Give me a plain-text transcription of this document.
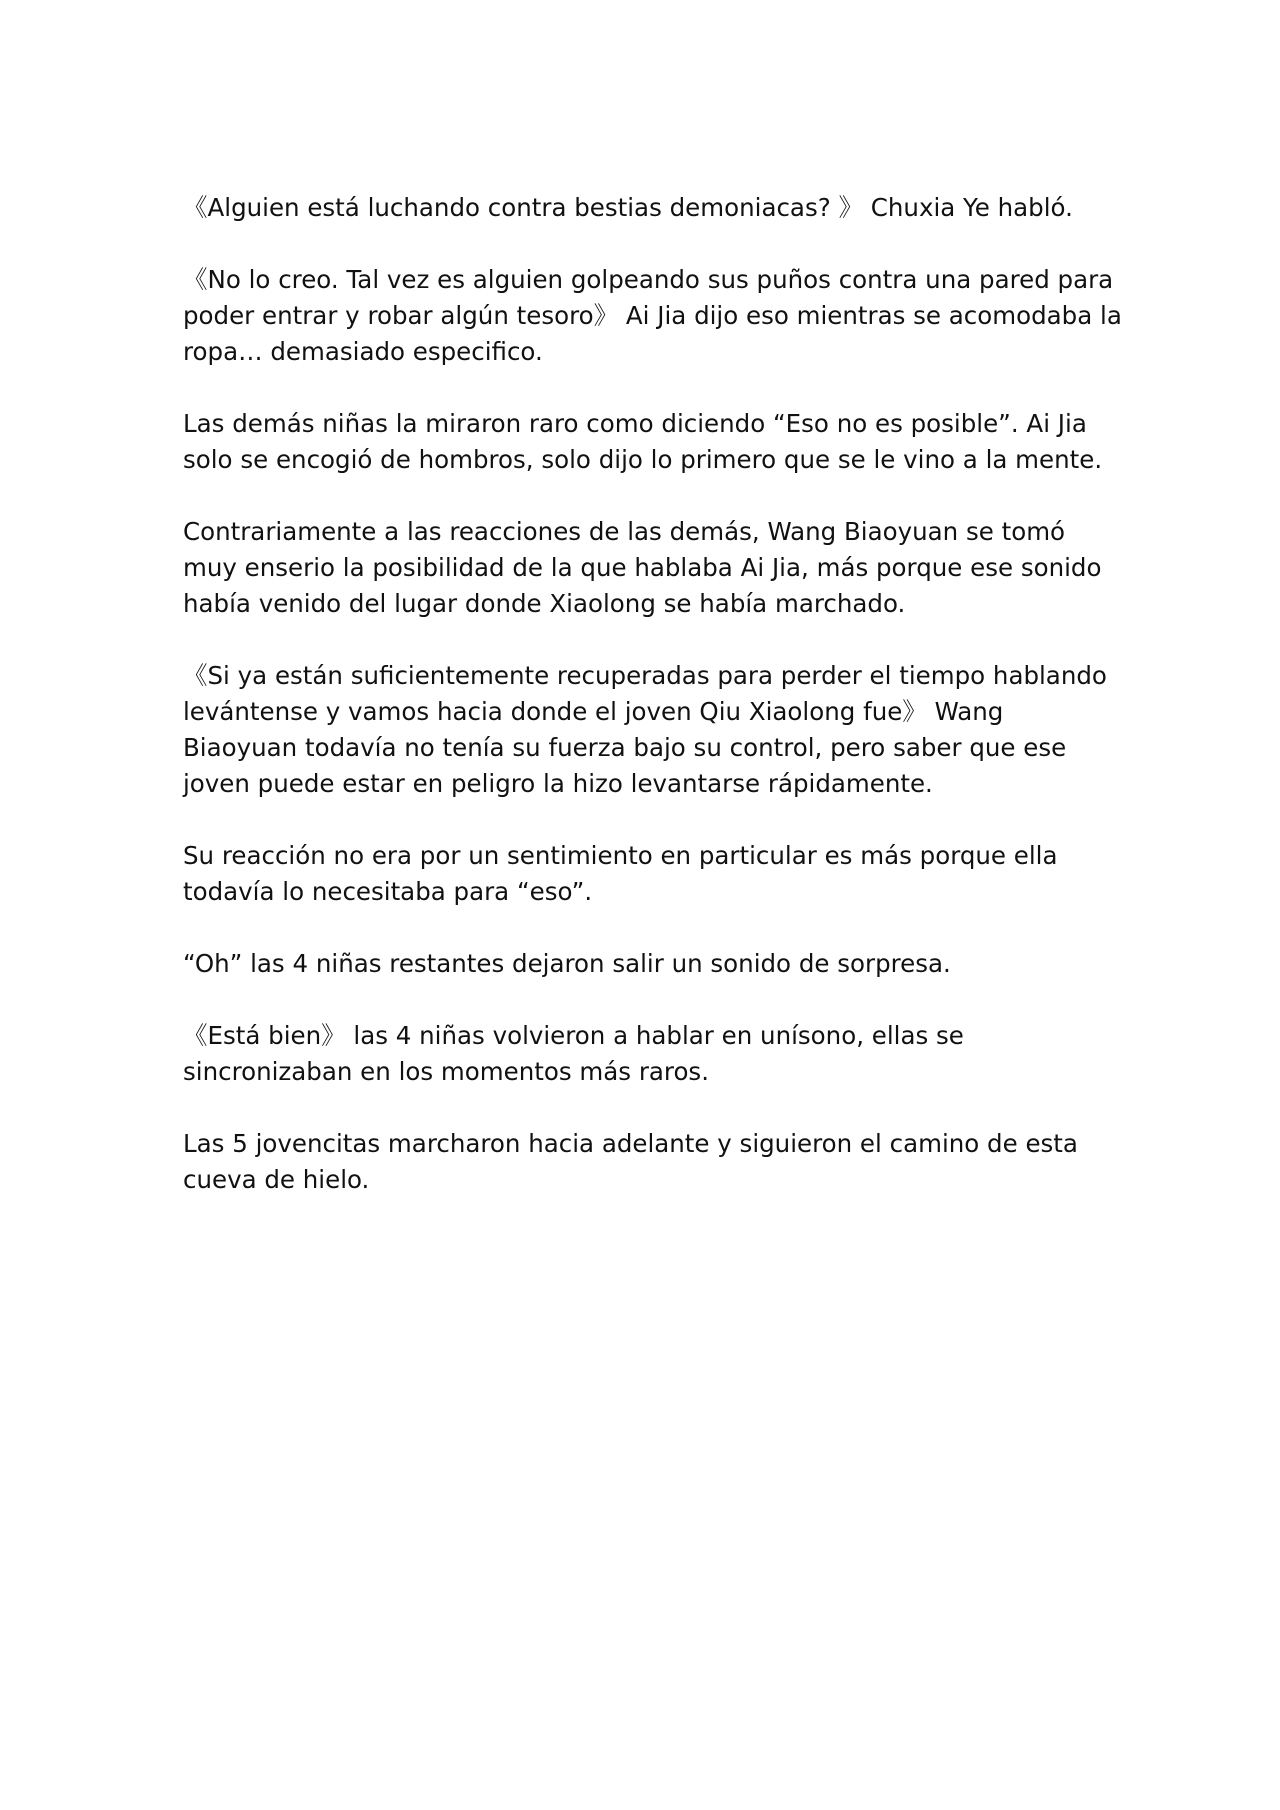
《Alguien está luchando contra bestias demoniacas? 》 Chuxia Ye habló.

《No lo creo. Tal vez es alguien golpeando sus puños contra una pared para poder entrar y robar algún tesoro》 Ai Jia dijo eso mientras se acomodaba la ropa… demasiado especifico.

Las demás niñas la miraron raro como diciendo “Eso no es posible”. Ai Jia solo se encogió de hombros, solo dijo lo primero que se le vino a la mente.

Contrariamente a las reacciones de las demás, Wang Biaoyuan se tomó muy enserio la posibilidad de la que hablaba Ai Jia, más porque ese sonido había venido del lugar donde Xiaolong se había marchado.

《Si ya están suficientemente recuperadas para perder el tiempo hablando levántense y vamos hacia donde el joven Qiu Xiaolong fue》 Wang Biaoyuan todavía no tenía su fuerza bajo su control, pero saber que ese joven puede estar en peligro la hizo levantarse rápidamente.

Su reacción no era por un sentimiento en particular es más porque ella todavía lo necesitaba para “eso”.

“Oh” las 4 niñas restantes dejaron salir un sonido de sorpresa.

《Está bien》 las 4 niñas volvieron a hablar en unísono, ellas se sincronizaban en los momentos más raros.

Las 5 jovencitas marcharon hacia adelante y siguieron el camino de esta cueva de hielo.
